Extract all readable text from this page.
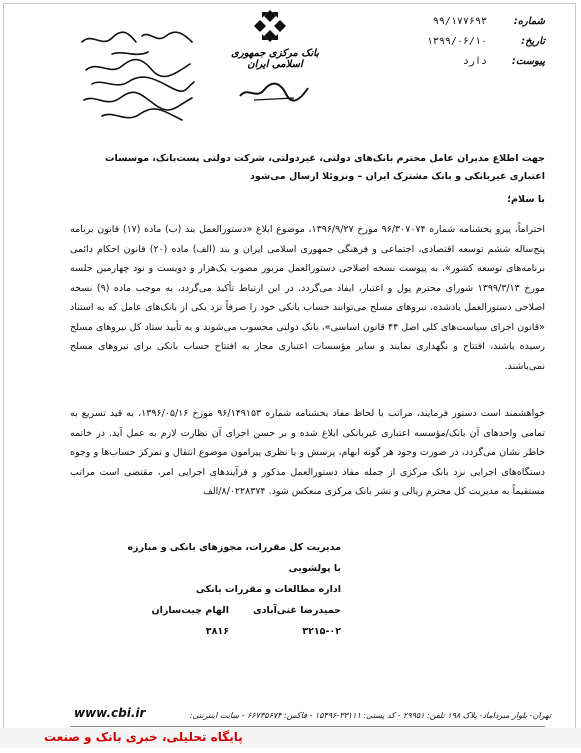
شماره:
۹۹/۱۷۷۶۹۳
تاریخ:
۱۳۹۹/۰۶/۱۰
پیوست:
دارد
بانک مرکزی جمهوری اسلامی ایران
جهت اطلاع مدیران عامل محترم بانک‌های دولتی، غیردولتی، شرکت دولتی پست‌بانک، موسسات اعتباری غیربانکی و بانک مشترک ایران – ونزوئلا ارسال می‌شود
با سلام؛
احتراماً، پیرو بخشنامه شماره ۹۶/۳۰۷۰۷۴ مورخ ۱۳۹۶/۹/۲۷، موضوع ابلاغ «دستورالعمل بند (ب) ماده (۱۷) قانون برنامه پنج‌ساله ششم توسعه اقتصادی، اجتماعی و فرهنگی جمهوری اسلامی ایران و بند (الف) ماده (۲۰) قانون احکام دائمی برنامه‌های توسعه کشور»، به پیوست نسخه اصلاحی دستورالعمل مزبور مصوب یک‌هزار و دویست و نود چهارمین جلسه مورخ ۱۳۹۹/۳/۱۳ شورای محترم پول و اعتبار، ایفاد می‌گردد. در این ارتباط تأکید می‌گردد، به موجب ماده (۹) نسخه اصلاحی دستورالعمل یادشده، نیروهای مسلح می‌توانند حساب بانکی خود را صرفاً نزد یکی از بانک‌های عامل که به استناد «قانون اجرای سیاست‌های کلی اصل ۴۴ قانون اساسی»، بانک دولتی محسوب می‌شوند و به تأیید ستاد کل نیروهای مسلح رسیده باشند، افتتاح و نگهداری نمایند و سایر مؤسسات اعتباری مجاز به افتتاح حساب بانکی برای نیروهای مسلح نمی‌باشند.
خواهشمند است دستور فرمایند، مراتب با لحاظ مفاد بخشنامه شماره ۹۶/۱۴۹۱۵۳ مورخ ۱۳۹۶/۰۵/۱۶، به قید تسریع به تمامی واحدهای آن بانک/مؤسسه اعتباری غیربانکی ابلاغ شده و بر حسن اجرای آن نظارت لازم به عمل آید. در خاتمه خاطر نشان می‌گردد، در صورت وجود هر گونه ابهام، پرسش و یا نظری پیرامون موضوع انتقال و تمرکز حساب‌ها و وجوه دستگاه‌های اجرایی نزد بانک مرکزی از جمله مفاد دستورالعمل مذکور و فرآیندهای اجرایی امر، مقتضی است مراتب مستقیماً به مدیریت کل محترم ریالی و نشر بانک مرکزی منعکس شود. ۸/۰۲۲۸۳۷۴/الف
مدیریت کل مقررات، مجوزهای بانکی و مبارزه با پولشویی
اداره مطالعات و مقررات بانکی
حمیدرضا غنی‌آبادی
الهام چیت‌سازان
۳۲۱۵-۰۲
۳۸۱۶
تهران- بلوار میرداماد- پلاک ۱۹۸ تلفن: ۲۹۹۵۱ - کد پستی: ۳۳۱۱۱-۱۵۴۹۶ - فاکس: ۶۶۷۳۵۶۷۴ - سایت اینترنتی:
www.cbi.ir
پایگاه تحلیلی، خبری بانک و صنعت
